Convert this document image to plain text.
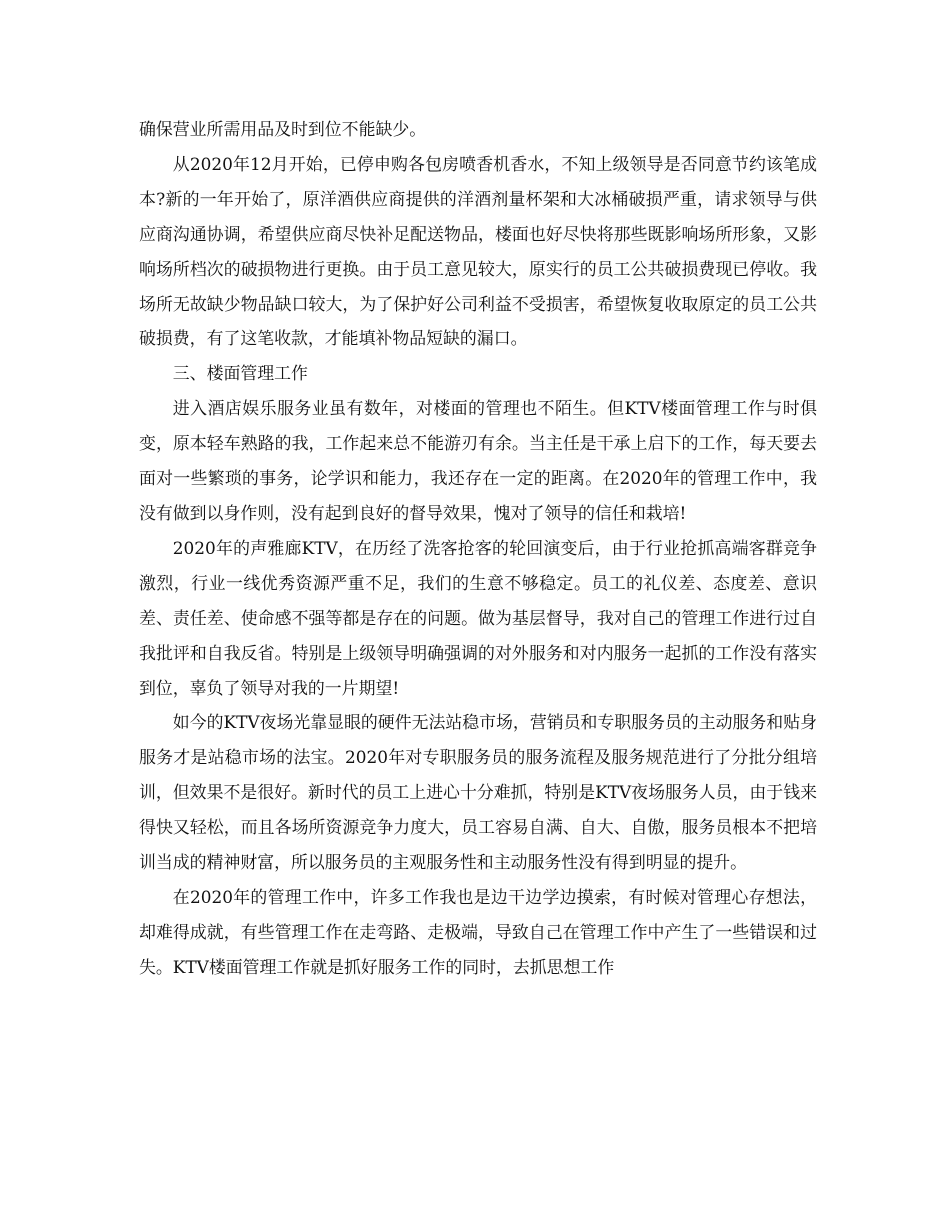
确保营业所需用品及时到位不能缺少。

从2020年12月开始，已停申购各包房喷香机香水，不知上级领导是否同意节约该笔成本?新的一年开始了，原洋酒供应商提供的洋酒剂量杯架和大冰桶破损严重，请求领导与供应商沟通协调，希望供应商尽快补足配送物品，楼面也好尽快将那些既影响场所形象，又影响场所档次的破损物进行更换。由于员工意见较大，原实行的员工公共破损费现已停收。我场所无故缺少物品缺口较大，为了保护好公司利益不受损害，希望恢复收取原定的员工公共破损费，有了这笔收款，才能填补物品短缺的漏口。

三、楼面管理工作

进入酒店娱乐服务业虽有数年，对楼面的管理也不陌生。但KTV楼面管理工作与时俱变，原本轻车熟路的我，工作起来总不能游刃有余。当主任是干承上启下的工作，每天要去面对一些繁琐的事务，论学识和能力，我还存在一定的距离。在2020年的管理工作中，我没有做到以身作则，没有起到良好的督导效果，愧对了领导的信任和栽培!

2020年的声雅廊KTV，在历经了洗客抢客的轮回演变后，由于行业抢抓高端客群竞争激烈，行业一线优秀资源严重不足，我们的生意不够稳定。员工的礼仪差、态度差、意识差、责任差、使命感不强等都是存在的问题。做为基层督导，我对自己的管理工作进行过自我批评和自我反省。特别是上级领导明确强调的对外服务和对内服务一起抓的工作没有落实到位，辜负了领导对我的一片期望!

如今的KTV夜场光靠显眼的硬件无法站稳市场，营销员和专职服务员的主动服务和贴身服务才是站稳市场的法宝。2020年对专职服务员的服务流程及服务规范进行了分批分组培训，但效果不是很好。新时代的员工上进心十分难抓，特别是KTV夜场服务人员，由于钱来得快又轻松，而且各场所资源竞争力度大，员工容易自满、自大、自傲，服务员根本不把培训当成的精神财富，所以服务员的主观服务性和主动服务性没有得到明显的提升。

在2020年的管理工作中，许多工作我也是边干边学边摸索，有时候对管理心存想法，却难得成就，有些管理工作在走弯路、走极端，导致自己在管理工作中产生了一些错误和过失。KTV楼面管理工作就是抓好服务工作的同时，去抓思想工作
